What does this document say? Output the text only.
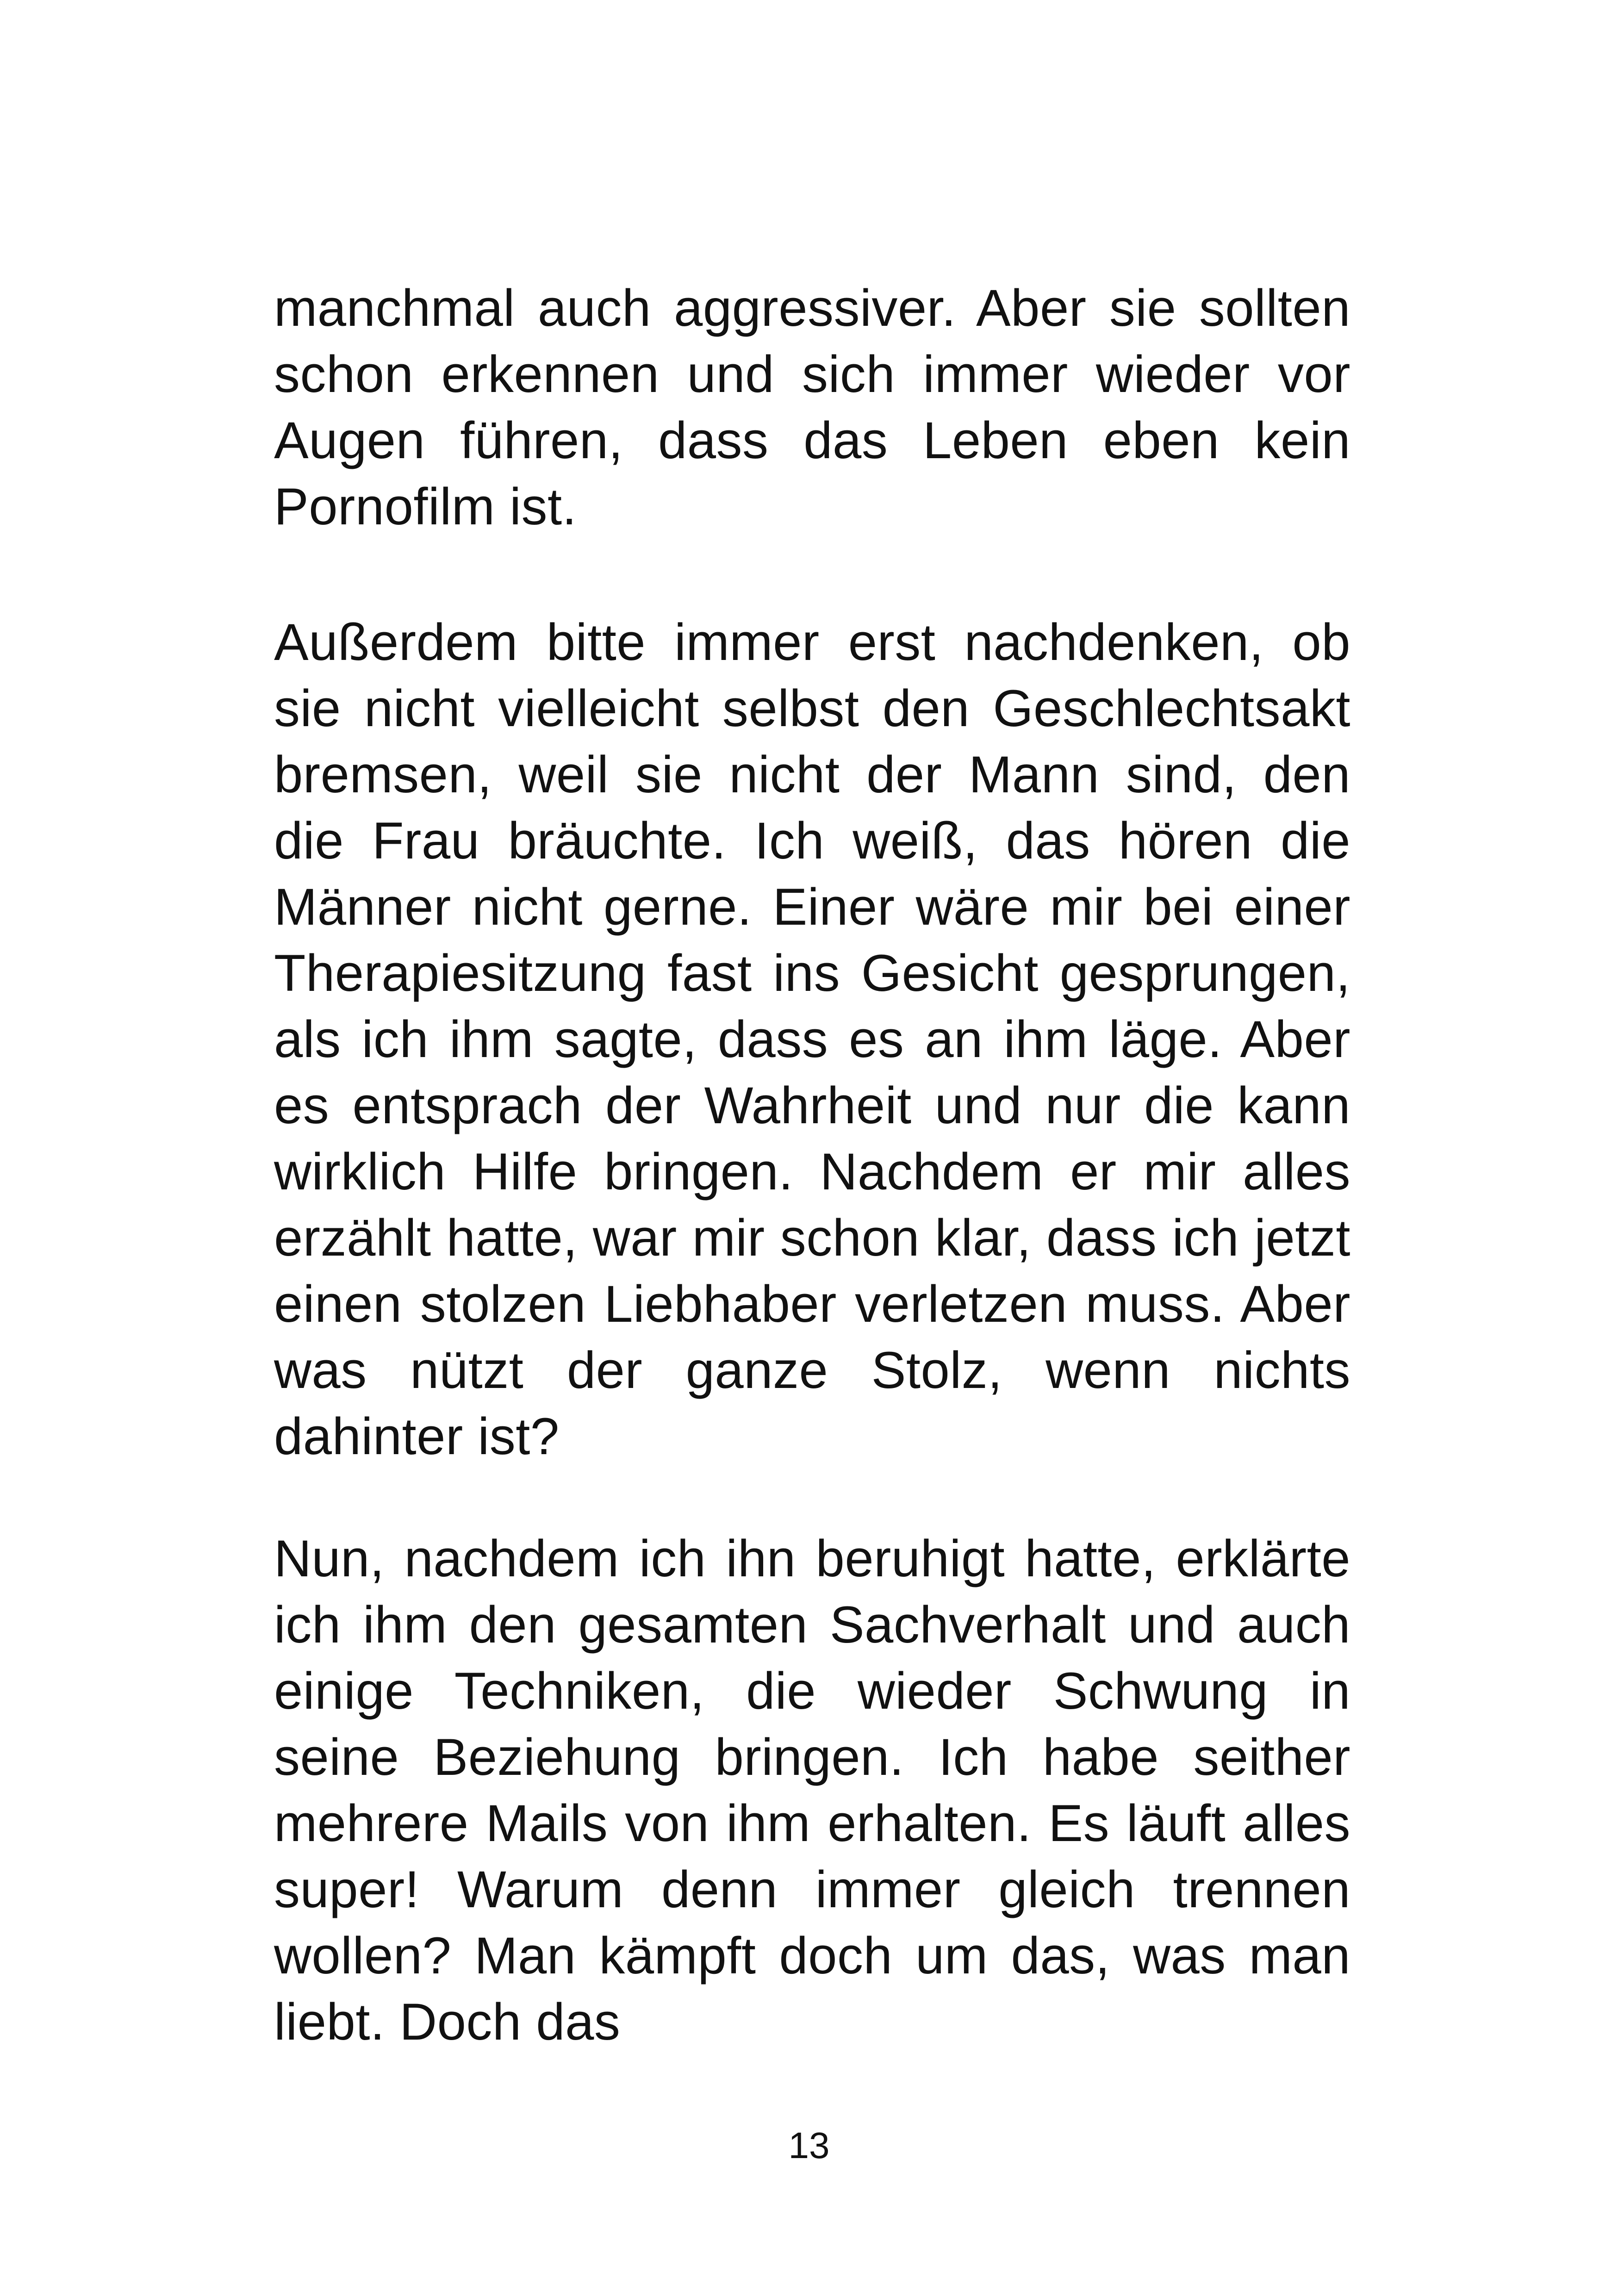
manchmal auch aggressiver. Aber sie sollten schon erkennen und sich immer wieder vor Augen führen, dass das Leben eben kein Pornofilm ist.

Außerdem bitte immer erst nachdenken, ob sie nicht vielleicht selbst den Geschlechtsakt bremsen, weil sie nicht der Mann sind, den die Frau bräuchte. Ich weiß, das hören die Männer nicht gerne. Einer wäre mir bei einer Therapiesitzung fast ins Gesicht gesprungen, als ich ihm sagte, dass es an ihm läge. Aber es entsprach der Wahrheit und nur die kann wirklich Hilfe bringen. Nachdem er mir alles erzählt hatte, war mir schon klar, dass ich jetzt einen stolzen Liebhaber verletzen muss. Aber was nützt der ganze Stolz, wenn nichts dahinter ist?

Nun, nachdem ich ihn beruhigt hatte, erklärte ich ihm den gesamten Sachverhalt und auch einige Techniken, die wieder Schwung in seine Beziehung bringen. Ich habe seither mehrere Mails von ihm erhalten. Es läuft alles super! Warum denn immer gleich trennen wollen? Man kämpft doch um das, was man liebt. Doch das

13
